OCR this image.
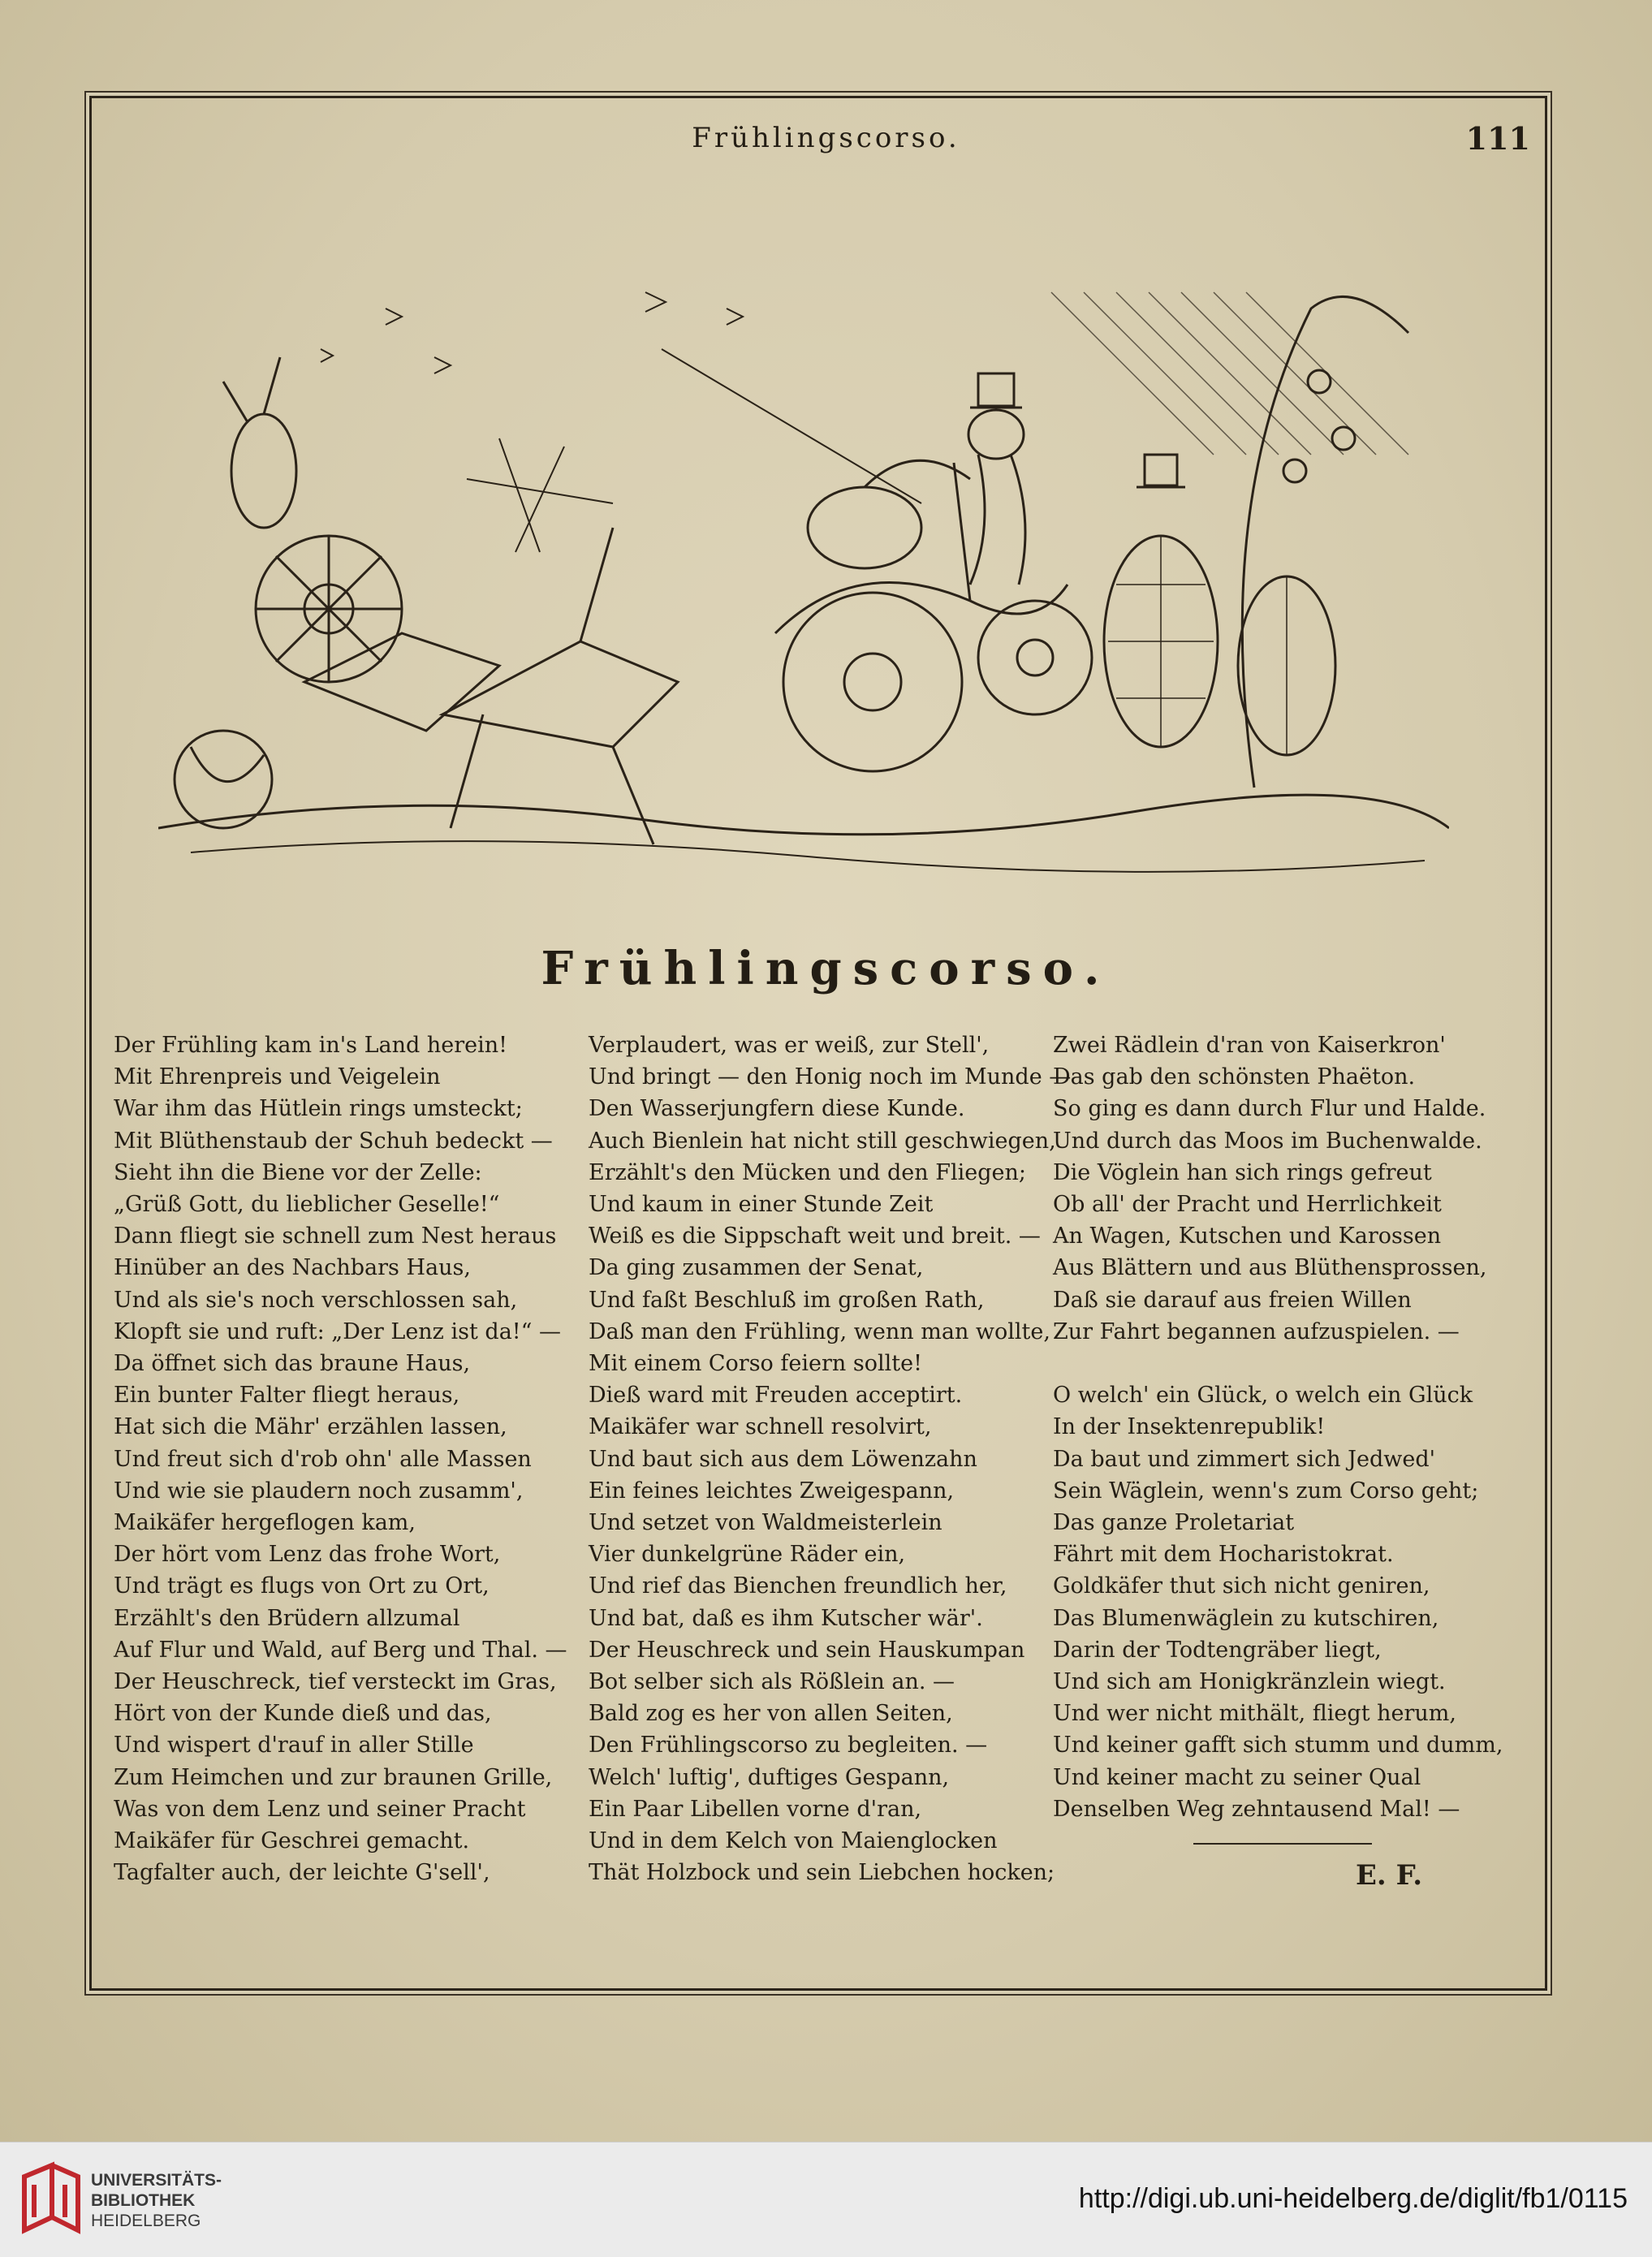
Frühlingscorso.	111
Frühlingscorso.
Der Frühling kam in's Land herein!
Mit Ehrenpreis und Veigelein
War ihm das Hütlein rings umsteckt;
Mit Blüthenstaub der Schuh bedeckt —
Sieht ihn die Biene vor der Zelle:
„Grüß Gott, du lieblicher Geselle!“
Dann fliegt sie schnell zum Nest heraus
Hinüber an des Nachbars Haus,
Und als sie's noch verschlossen sah,
Klopft sie und ruft: „Der Lenz ist da!“ —
Da öffnet sich das braune Haus,
Ein bunter Falter fliegt heraus,
Hat sich die Mähr' erzählen lassen,
Und freut sich d'rob ohn' alle Massen
Und wie sie plaudern noch zusamm',
Maikäfer hergeflogen kam,
Der hört vom Lenz das frohe Wort,
Und trägt es flugs von Ort zu Ort,
Erzählt's den Brüdern allzumal
Auf Flur und Wald, auf Berg und Thal. —
Der Heuschreck, tief versteckt im Gras,
Hört von der Kunde dieß und das,
Und wispert d'rauf in aller Stille
Zum Heimchen und zur braunen Grille,
Was von dem Lenz und seiner Pracht
Maikäfer für Geschrei gemacht.
Tagfalter auch, der leichte G'sell',
Verplaudert, was er weiß, zur Stell',
Und bringt — den Honig noch im Munde —
Den Wasserjungfern diese Kunde.
Auch Bienlein hat nicht still geschwiegen,
Erzählt's den Mücken und den Fliegen;
Und kaum in einer Stunde Zeit
Weiß es die Sippschaft weit und breit. —
Da ging zusammen der Senat,
Und faßt Beschluß im großen Rath,
Daß man den Frühling, wenn man wollte,
Mit einem Corso feiern sollte!
Dieß ward mit Freuden acceptirt.
Maikäfer war schnell resolvirt,
Und baut sich aus dem Löwenzahn
Ein feines leichtes Zweigespann,
Und setzet von Waldmeisterlein
Vier dunkelgrüne Räder ein,
Und rief das Bienchen freundlich her,
Und bat, daß es ihm Kutscher wär'.
Der Heuschreck und sein Hauskumpan
Bot selber sich als Rößlein an. —
Bald zog es her von allen Seiten,
Den Frühlingscorso zu begleiten. —
Welch' luftig', duftiges Gespann,
Ein Paar Libellen vorne d'ran,
Und in dem Kelch von Maienglocken
Thät Holzbock und sein Liebchen hocken;
Zwei Rädlein d'ran von Kaiserkron'
Das gab den schönsten Phaëton.
So ging es dann durch Flur und Halde.
Und durch das Moos im Buchenwalde.
Die Vöglein han sich rings gefreut
Ob all' der Pracht und Herrlichkeit
An Wagen, Kutschen und Karossen
Aus Blättern und aus Blüthensprossen,
Daß sie darauf aus freien Willen
Zur Fahrt begannen aufzuspielen. —
O welch' ein Glück, o welch ein Glück
In der Insektenrepublik!
Da baut und zimmert sich Jedwed'
Sein Wäglein, wenn's zum Corso geht;
Das ganze Proletariat
Fährt mit dem Hocharistokrat.
Goldkäfer thut sich nicht geniren,
Das Blumenwäglein zu kutschiren,
Darin der Todtengräber liegt,
Und sich am Honigkränzlein wiegt.
Und wer nicht mithält, fliegt herum,
Und keiner gafft sich stumm und dumm,
Und keiner macht zu seiner Qual
Denselben Weg zehntausend Mal! —
E. F.
UNIVERSITÄTS-
BIBLIOTHEK
HEIDELBERG
http://digi.ub.uni-heidelberg.de/diglit/fb1/0115
